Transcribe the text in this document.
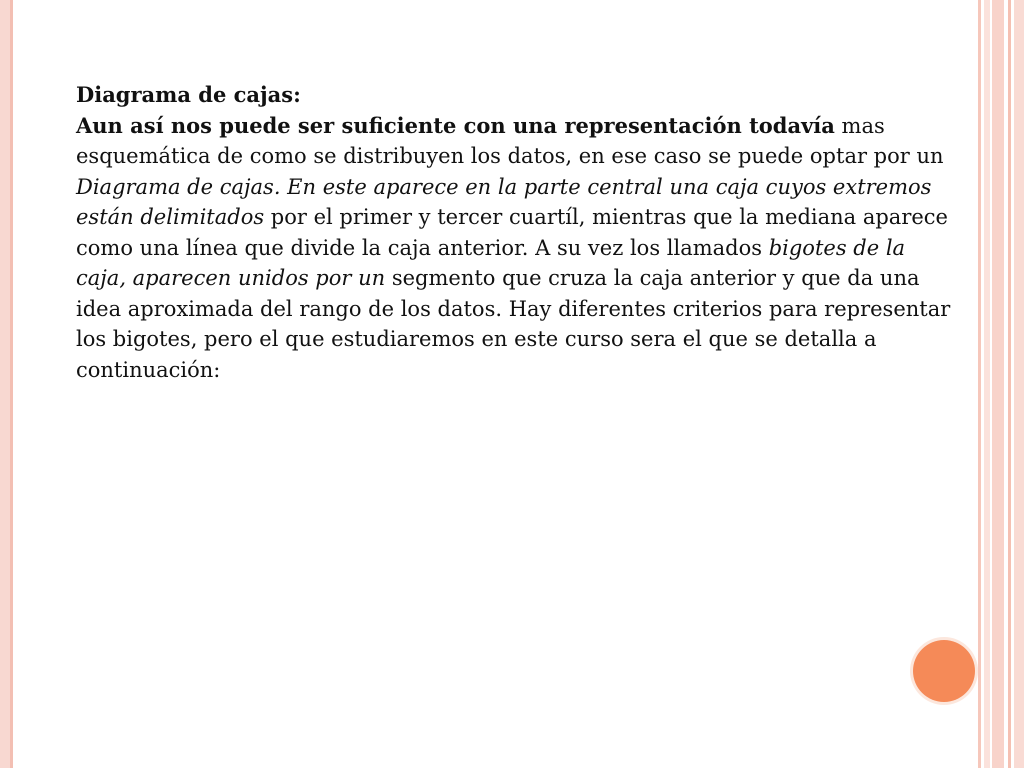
Diagrama de cajas:

Aun así nos puede ser suficiente con una representación todavía mas esquemática de como se distribuyen los datos, en ese caso se puede optar por un Diagrama de cajas. En este aparece en la parte central una caja cuyos extremos están delimitados por el primer y tercer cuartíl, mientras que la mediana aparece como una línea que divide la caja anterior. A su vez los llamados bigotes de la caja, aparecen unidos por un segmento que cruza la caja anterior y que da una idea aproximada del rango de los datos. Hay diferentes criterios para representar los bigotes, pero el que estudiaremos en este curso sera el que se detalla a continuación:
